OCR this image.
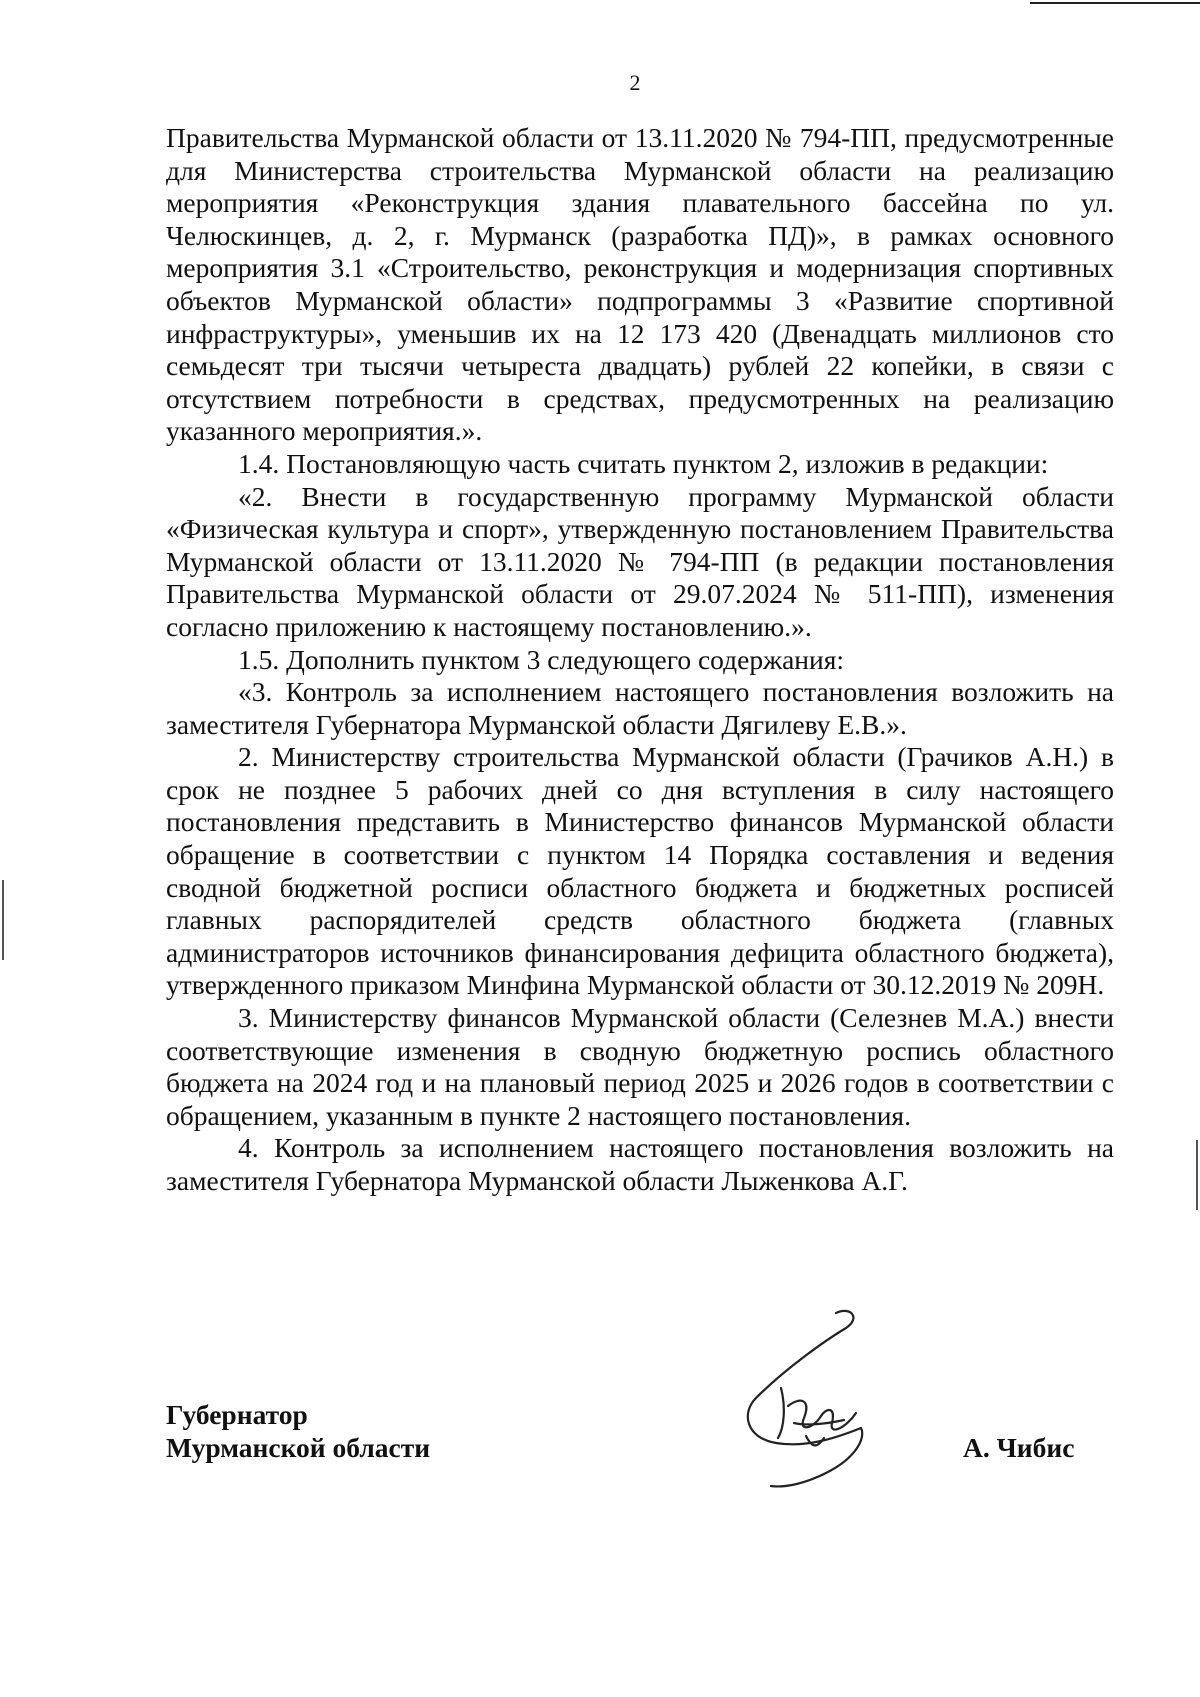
2

Правительства Мурманской области от 13.11.2020 № 794-ПП, предусмотренные для Министерства строительства Мурманской области на реализацию мероприятия «Реконструкция здания плавательного бассейна по ул. Челюскинцев, д. 2, г. Мурманск (разработка ПД)», в рамках основного мероприятия 3.1 «Строительство, реконструкция и модернизация спортивных объектов Мурманской области» подпрограммы 3 «Развитие спортивной инфраструктуры», уменьшив их на 12 173 420 (Двенадцать миллионов сто семьдесят три тысячи четыреста двадцать) рублей 22 копейки, в связи с отсутствием потребности в средствах, предусмотренных на реализацию указанного мероприятия.».

1.4. Постановляющую часть считать пунктом 2, изложив в редакции:

«2. Внести в государственную программу Мурманской области «Физическая культура и спорт», утвержденную постановлением Правительства Мурманской области от 13.11.2020 № 794-ПП (в редакции постановления Правительства Мурманской области от 29.07.2024 № 511-ПП), изменения согласно приложению к настоящему постановлению.».

1.5. Дополнить пунктом 3 следующего содержания:

«3. Контроль за исполнением настоящего постановления возложить на заместителя Губернатора Мурманской области Дягилеву Е.В.».

2. Министерству строительства Мурманской области (Грачиков А.Н.) в срок не позднее 5 рабочих дней со дня вступления в силу настоящего постановления представить в Министерство финансов Мурманской области обращение в соответствии с пунктом 14 Порядка составления и ведения сводной бюджетной росписи областного бюджета и бюджетных росписей главных распорядителей средств областного бюджета (главных администраторов источников финансирования дефицита областного бюджета), утвержденного приказом Минфина Мурманской области от 30.12.2019 № 209Н.

3. Министерству финансов Мурманской области (Селезнев М.А.) внести соответствующие изменения в сводную бюджетную роспись областного бюджета на 2024 год и на плановый период 2025 и 2026 годов в соответствии с обращением, указанным в пункте 2 настоящего постановления.

4. Контроль за исполнением настоящего постановления возложить на заместителя Губернатора Мурманской области Лыженкова А.Г.

Губернатор
Мурманской области	А. Чибис
